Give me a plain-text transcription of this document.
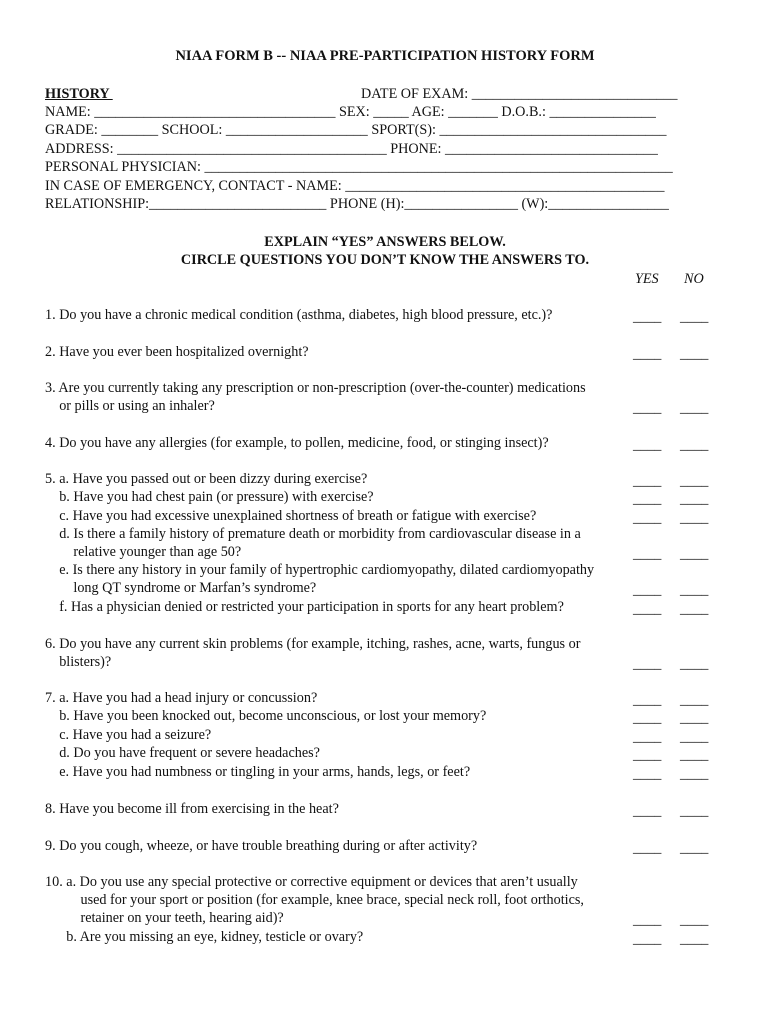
NIAA FORM B -- NIAA PRE-PARTICIPATION HISTORY FORM
HISTORY	DATE OF EXAM: _____________________________
NAME: __________________________________ SEX: _____ AGE: _______ D.O.B.: _______________
GRADE: ________ SCHOOL: ____________________ SPORT(S): ________________________________
ADDRESS: ______________________________________ PHONE: ______________________________
PERSONAL PHYSICIAN: __________________________________________________________________
IN CASE OF EMERGENCY, CONTACT - NAME: _____________________________________________
RELATIONSHIP:_________________________ PHONE (H):________________ (W):_________________
EXPLAIN “YES” ANSWERS BELOW.
CIRCLE QUESTIONS YOU DON’T KNOW THE ANSWERS TO.
YES NO
1. Do you have a chronic medical condition (asthma, diabetes, high blood pressure, etc.)?
2. Have you ever been hospitalized overnight?
3. Are you currently taking any prescription or non-prescription (over-the-counter) medications
or pills or using an inhaler?
4. Do you have any allergies (for example, to pollen, medicine, food, or stinging insect)?
5. a. Have you passed out or been dizzy during exercise?
b. Have you had chest pain (or pressure) with exercise?
c. Have you had excessive unexplained shortness of breath or fatigue with exercise?
d. Is there a family history of premature death or morbidity from cardiovascular disease in a
relative younger than age 50?
e. Is there any history in your family of hypertrophic cardiomyopathy, dilated cardiomyopathy
long QT syndrome or Marfan’s syndrome?
f. Has a physician denied or restricted your participation in sports for any heart problem?
6. Do you have any current skin problems (for example, itching, rashes, acne, warts, fungus or
blisters)?
7. a. Have you had a head injury or concussion?
b. Have you been knocked out, become unconscious, or lost your memory?
c. Have you had a seizure?
d. Do you have frequent or severe headaches?
e. Have you had numbness or tingling in your arms, hands, legs, or feet?
8. Have you become ill from exercising in the heat?
9. Do you cough, wheeze, or have trouble breathing during or after activity?
10. a. Do you use any special protective or corrective equipment or devices that aren’t usually
used for your sport or position (for example, knee brace, special neck roll, foot orthotics,
retainer on your teeth, hearing aid)?
b. Are you missing an eye, kidney, testicle or ovary?
____ ____
____ ____
____ ____
____ ____
____ ____
____ ____
____ ____
____ ____
____ ____
____ ____
____ ____
____ ____
____ ____
____ ____
____ ____
____ ____
____ ____
____ ____
____ ____
____ ____
